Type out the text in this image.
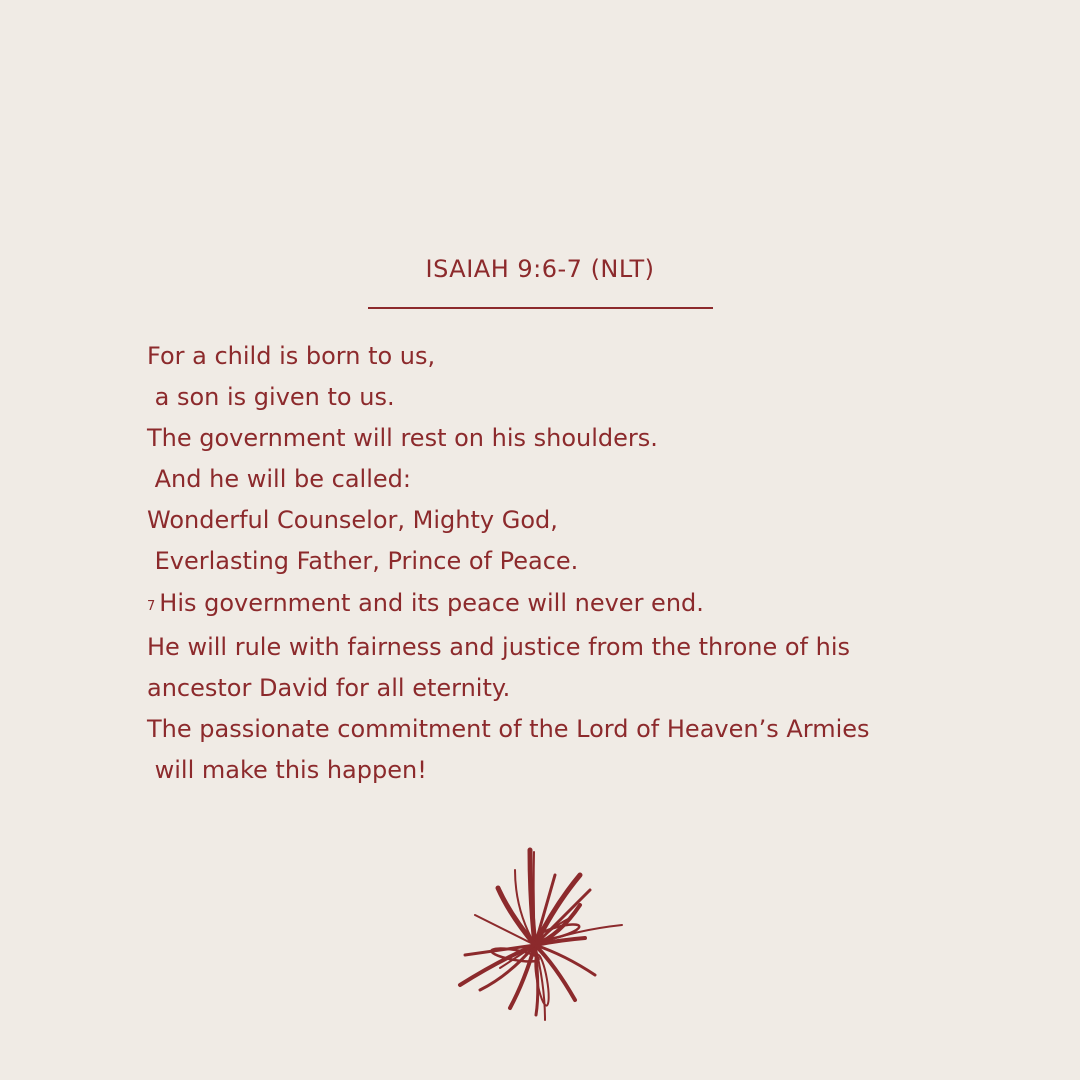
ISAIAH 9:6-7 (NLT)
For a child is born to us,
a son is given to us.
The government will rest on his shoulders.
And he will be called:
Wonderful Counselor, Mighty God,
Everlasting Father, Prince of Peace.
7 His government and its peace will never end.
He will rule with fairness and justice from the throne of his
ancestor David for all eternity.
The passionate commitment of the Lord of Heaven’s Armies
will make this happen!
